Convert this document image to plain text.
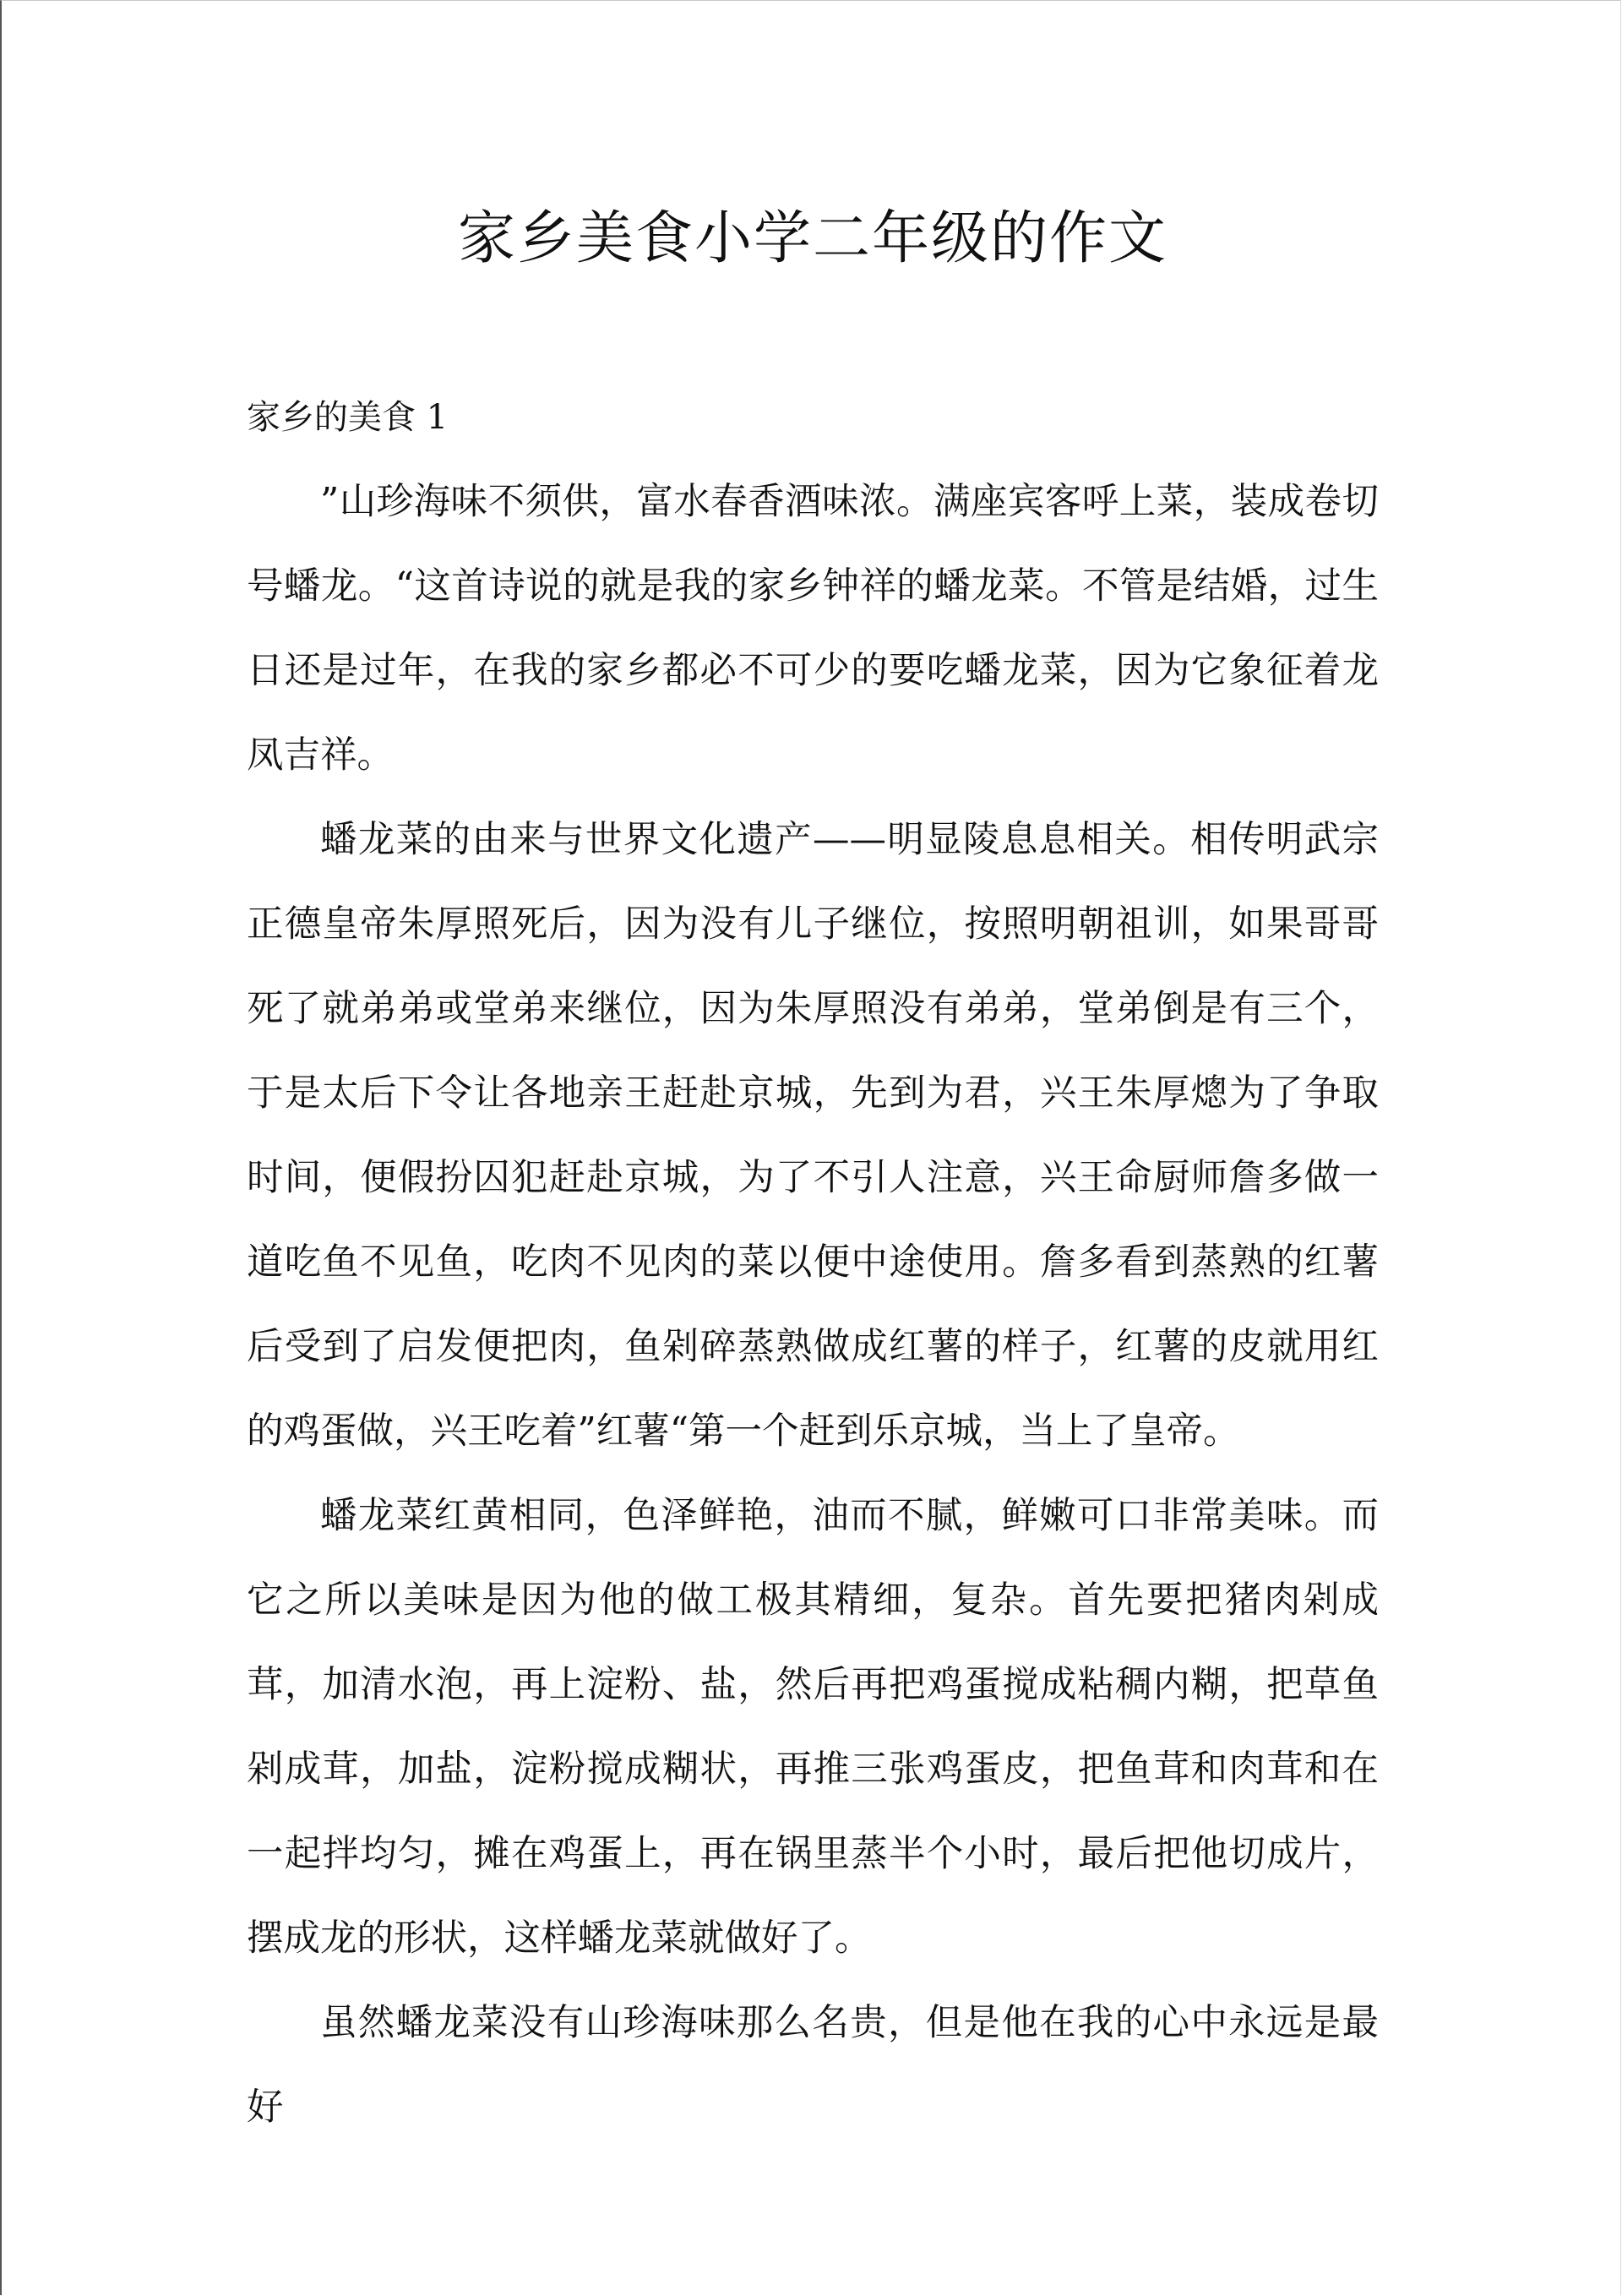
家乡美食小学二年级的作文

家乡的美食 1

”山珍海味不须供，富水春香酒味浓。满座宾客呼上菜，装成卷切号蟠龙。“这首诗说的就是我的家乡钟祥的蟠龙菜。不管是结婚，过生日还是过年，在我的家乡都必不可少的要吃蟠龙菜，因为它象征着龙凤吉祥。

蟠龙菜的由来与世界文化遗产——明显陵息息相关。相传明武宗正德皇帝朱厚照死后，因为没有儿子继位，按照明朝祖训，如果哥哥死了就弟弟或堂弟来继位，因为朱厚照没有弟弟，堂弟倒是有三个，于是太后下令让各地亲王赶赴京城，先到为君，兴王朱厚熜为了争取时间，便假扮囚犯赶赴京城，为了不引人注意，兴王命厨师詹多做一道吃鱼不见鱼，吃肉不见肉的菜以便中途使用。詹多看到蒸熟的红薯后受到了启发便把肉，鱼剁碎蒸熟做成红薯的样子，红薯的皮就用红的鸡蛋做，兴王吃着”红薯“第一个赶到乐京城，当上了皇帝。

蟠龙菜红黄相同，色泽鲜艳，油而不腻，鲜嫩可口非常美味。而它之所以美味是因为他的做工极其精细，复杂。首先要把猪肉剁成茸，加清水泡，再上淀粉、盐，然后再把鸡蛋搅成粘稠内糊，把草鱼剁成茸，加盐，淀粉搅成糊状，再推三张鸡蛋皮，把鱼茸和肉茸和在一起拌均匀，摊在鸡蛋上，再在锅里蒸半个小时，最后把他切成片，摆成龙的形状，这样蟠龙菜就做好了。

虽然蟠龙菜没有山珍海味那么名贵，但是他在我的心中永远是最好
